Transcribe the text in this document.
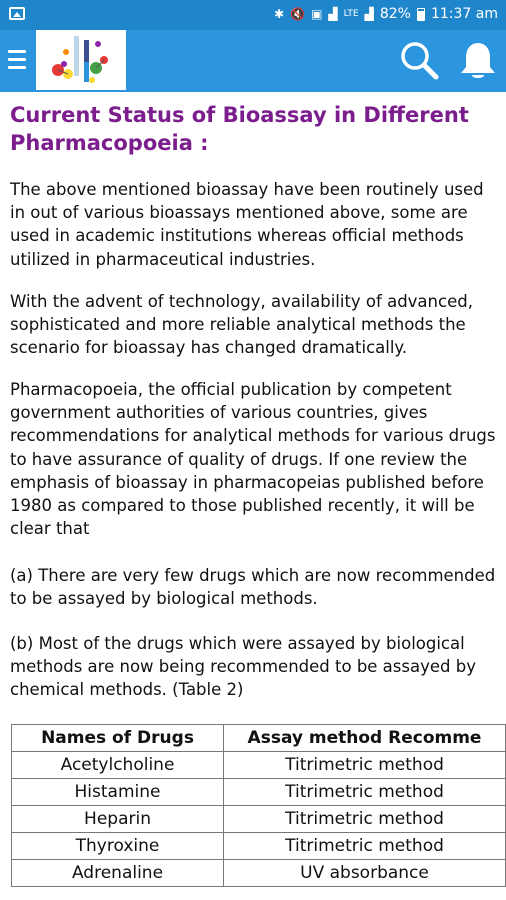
✱ 🔇 ▣ ▟ LTE ▟ 82% 11:37 am
Current Status of Bioassay in Different Pharmacopoeia :

The above mentioned bioassay have been routinely used in out of various bioassays mentioned above, some are used in academic institutions whereas official methods utilized in pharmaceutical industries.

With the advent of technology, availability of advanced, sophisticated and more reliable analytical methods the scenario for bioassay has changed dramatically.

Pharmacopoeia, the official publication by competent government authorities of various countries, gives recommendations for analytical methods for various drugs to have assurance of quality of drugs. If one review the emphasis of bioassay in pharmacopeias published before 1980 as compared to those published recently, it will be clear that

(a) There are very few drugs which are now recommended to be assayed by biological methods.

(b) Most of the drugs which were assayed by biological methods are now being recommended to be assayed by chemical methods. (Table 2)

Names of Drugs	Assay method Recomme
Acetylcholine	Titrimetric method
Histamine	Titrimetric method
Heparin	Titrimetric method
Thyroxine	Titrimetric method
Adrenaline	UV absorbance
